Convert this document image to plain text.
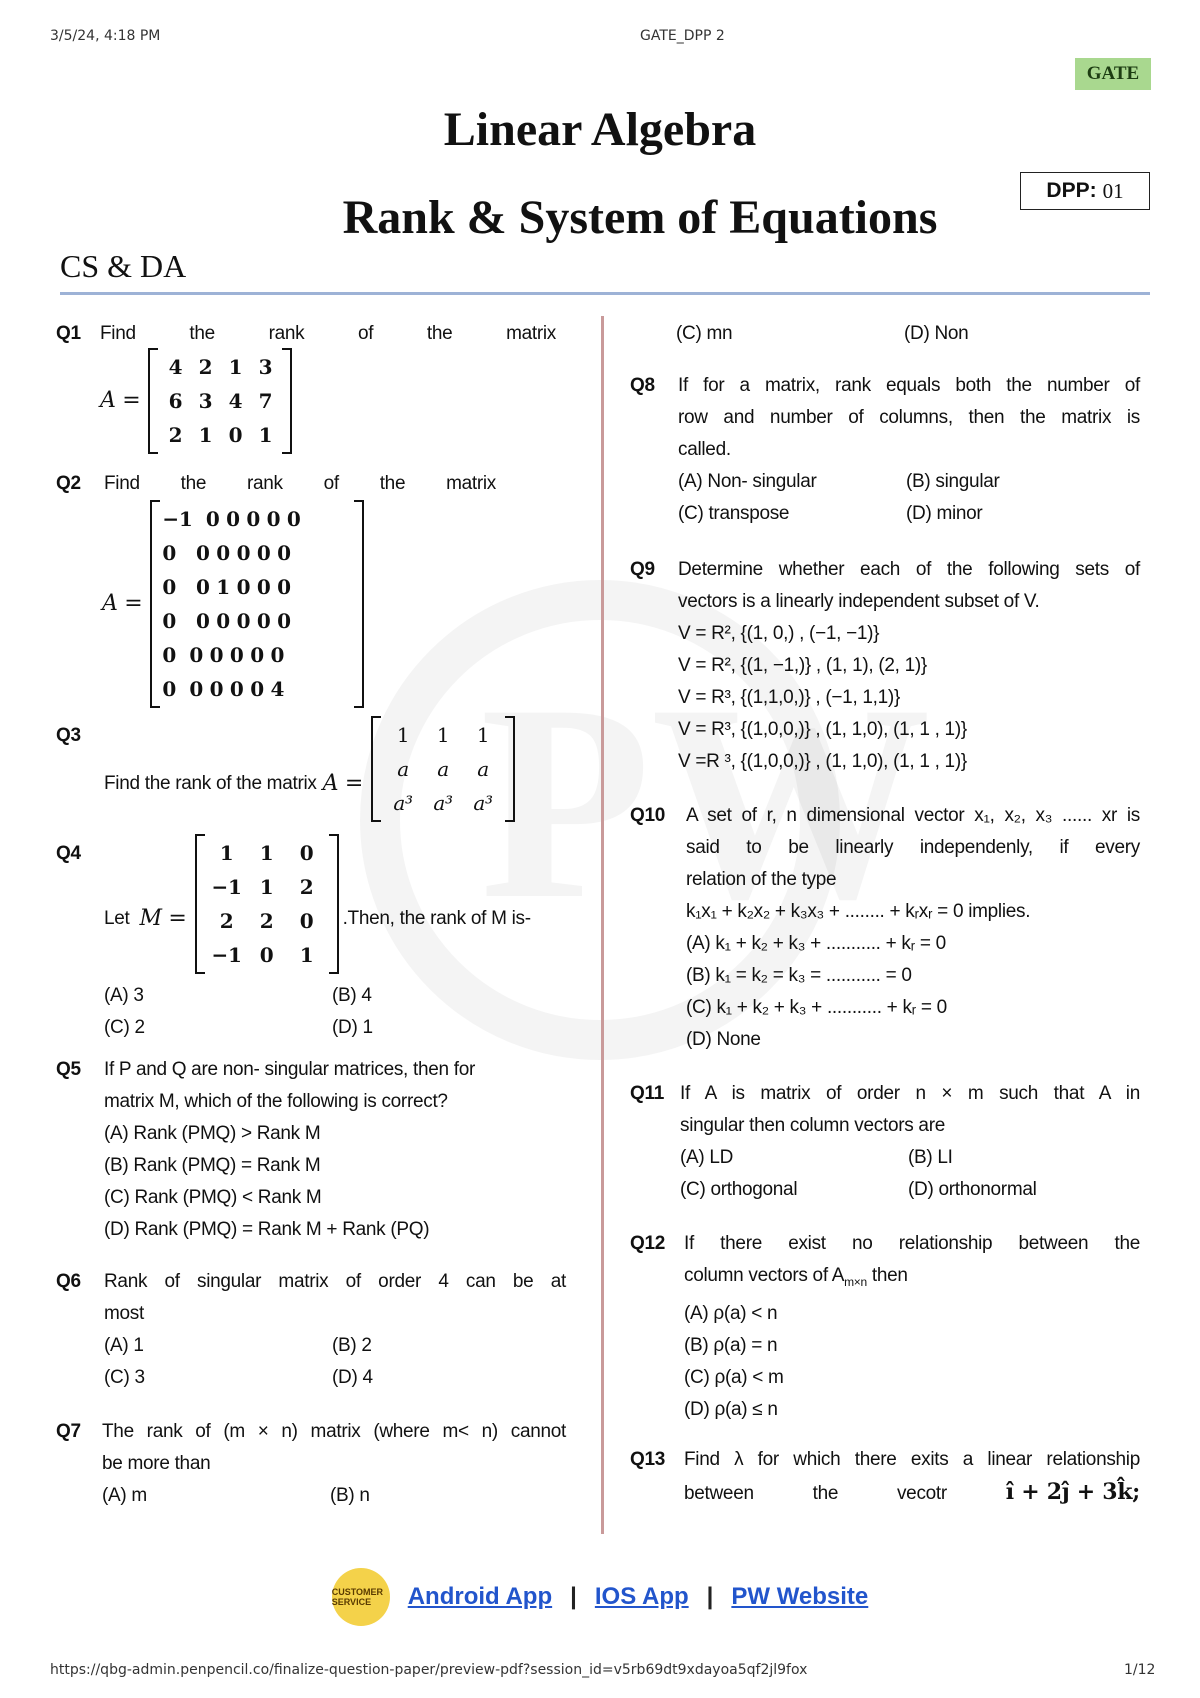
3/5/24, 4:18 PM	GATE_DPP 2
https://qbg-admin.penpencil.co/finalize-question-paper/preview-pdf?session_id=v5rb69dt9xdayoa5qf2jl9fox	1/12
GATE
Linear Algebra
Rank & System of Equations
DPP: 01
CS & DA
Q1	Find the rank of the matrix
A =
4 2 1 3
6 3 4 7
2 1 0 1
Q2	Find the rank of the matrix
A =
−1  0 0 0 0 0
0   0 0 0 0 0
0   0 1 0 0 0
0   0 0 0 0 0
0  0 0 0 0 0
0  0 0 0 0 4
Q3
Find the rank of the matrix A =
1	1	1
a	a	a
a³	a³	a³
Q4
Let M =
1	1	0
−1 1	2
2	2	0
−1 0	1
.Then, the rank of M is-
(A) 3	(B) 4
(C) 2	(D) 1
Q5	If P and Q are non- singular matrices, then for
matrix M, which of the following is correct?
(A) Rank (PMQ) > Rank M
(B) Rank (PMQ) = Rank M
(C) Rank (PMQ) < Rank M
(D) Rank (PMQ) = Rank M + Rank (PQ)
Q6	Rank of singular matrix of order 4 can be at
most
(A) 1	(B) 2
(C) 3	(D) 4
Q7	The rank of (m × n) matrix (where m< n) cannot
be more than
(A) m	(B) n
(C) mn	(D) Non
Q8	If for a matrix, rank equals both the number of
row and number of columns, then the matrix is
called.
(A) Non- singular	(B) singular
(C) transpose	(D) minor
Q9	Determine whether each of the following sets of
vectors is a linearly independent subset of V.
V = R², {(1, 0,) , (−1, −1)}
V = R², {(1, −1,)} , (1, 1), (2, 1)}
V = R³, {(1,1,0,)} , (−1, 1,1)}
V = R³, {(1,0,0,)} , (1, 1,0), (1, 1 , 1)}
V =R ³, {(1,0,0,)} , (1, 1,0), (1, 1 , 1)}
Q10	A set of r, n dimensional vector x₁, x₂, x₃ ...... xr is
said to be linearly independenly, if every
relation of the type
k₁x₁ + k₂x₂ + k₃x₃ + ........ + kᵣxᵣ = 0 implies.
(A) k₁ + k₂ + k₃ + ........... + kᵣ = 0
(B) k₁ = k₂ = k₃ = ........... = 0
(C) k₁ + k₂ + k₃ + ........... + kᵣ = 0
(D) None
Q11 If A is matrix of order n × m such that A in
singular then column vectors are
(A) LD	(B) LI
(C) orthogonal	(D) orthonormal
Q12 If there exist no relationship between the
column vectors of $A_{m\times n}$ then
(A) ρ(a) < n
(B) ρ(a) = n
(C) ρ(a) < m
(D) ρ(a) ≤ n
Q13 Find λ for which there exits a linear relationship
between	the	vecotr	î + 2ĵ + 3k̂;
CUSTOMER SERVICE	Android App | IOS App | PW Website
